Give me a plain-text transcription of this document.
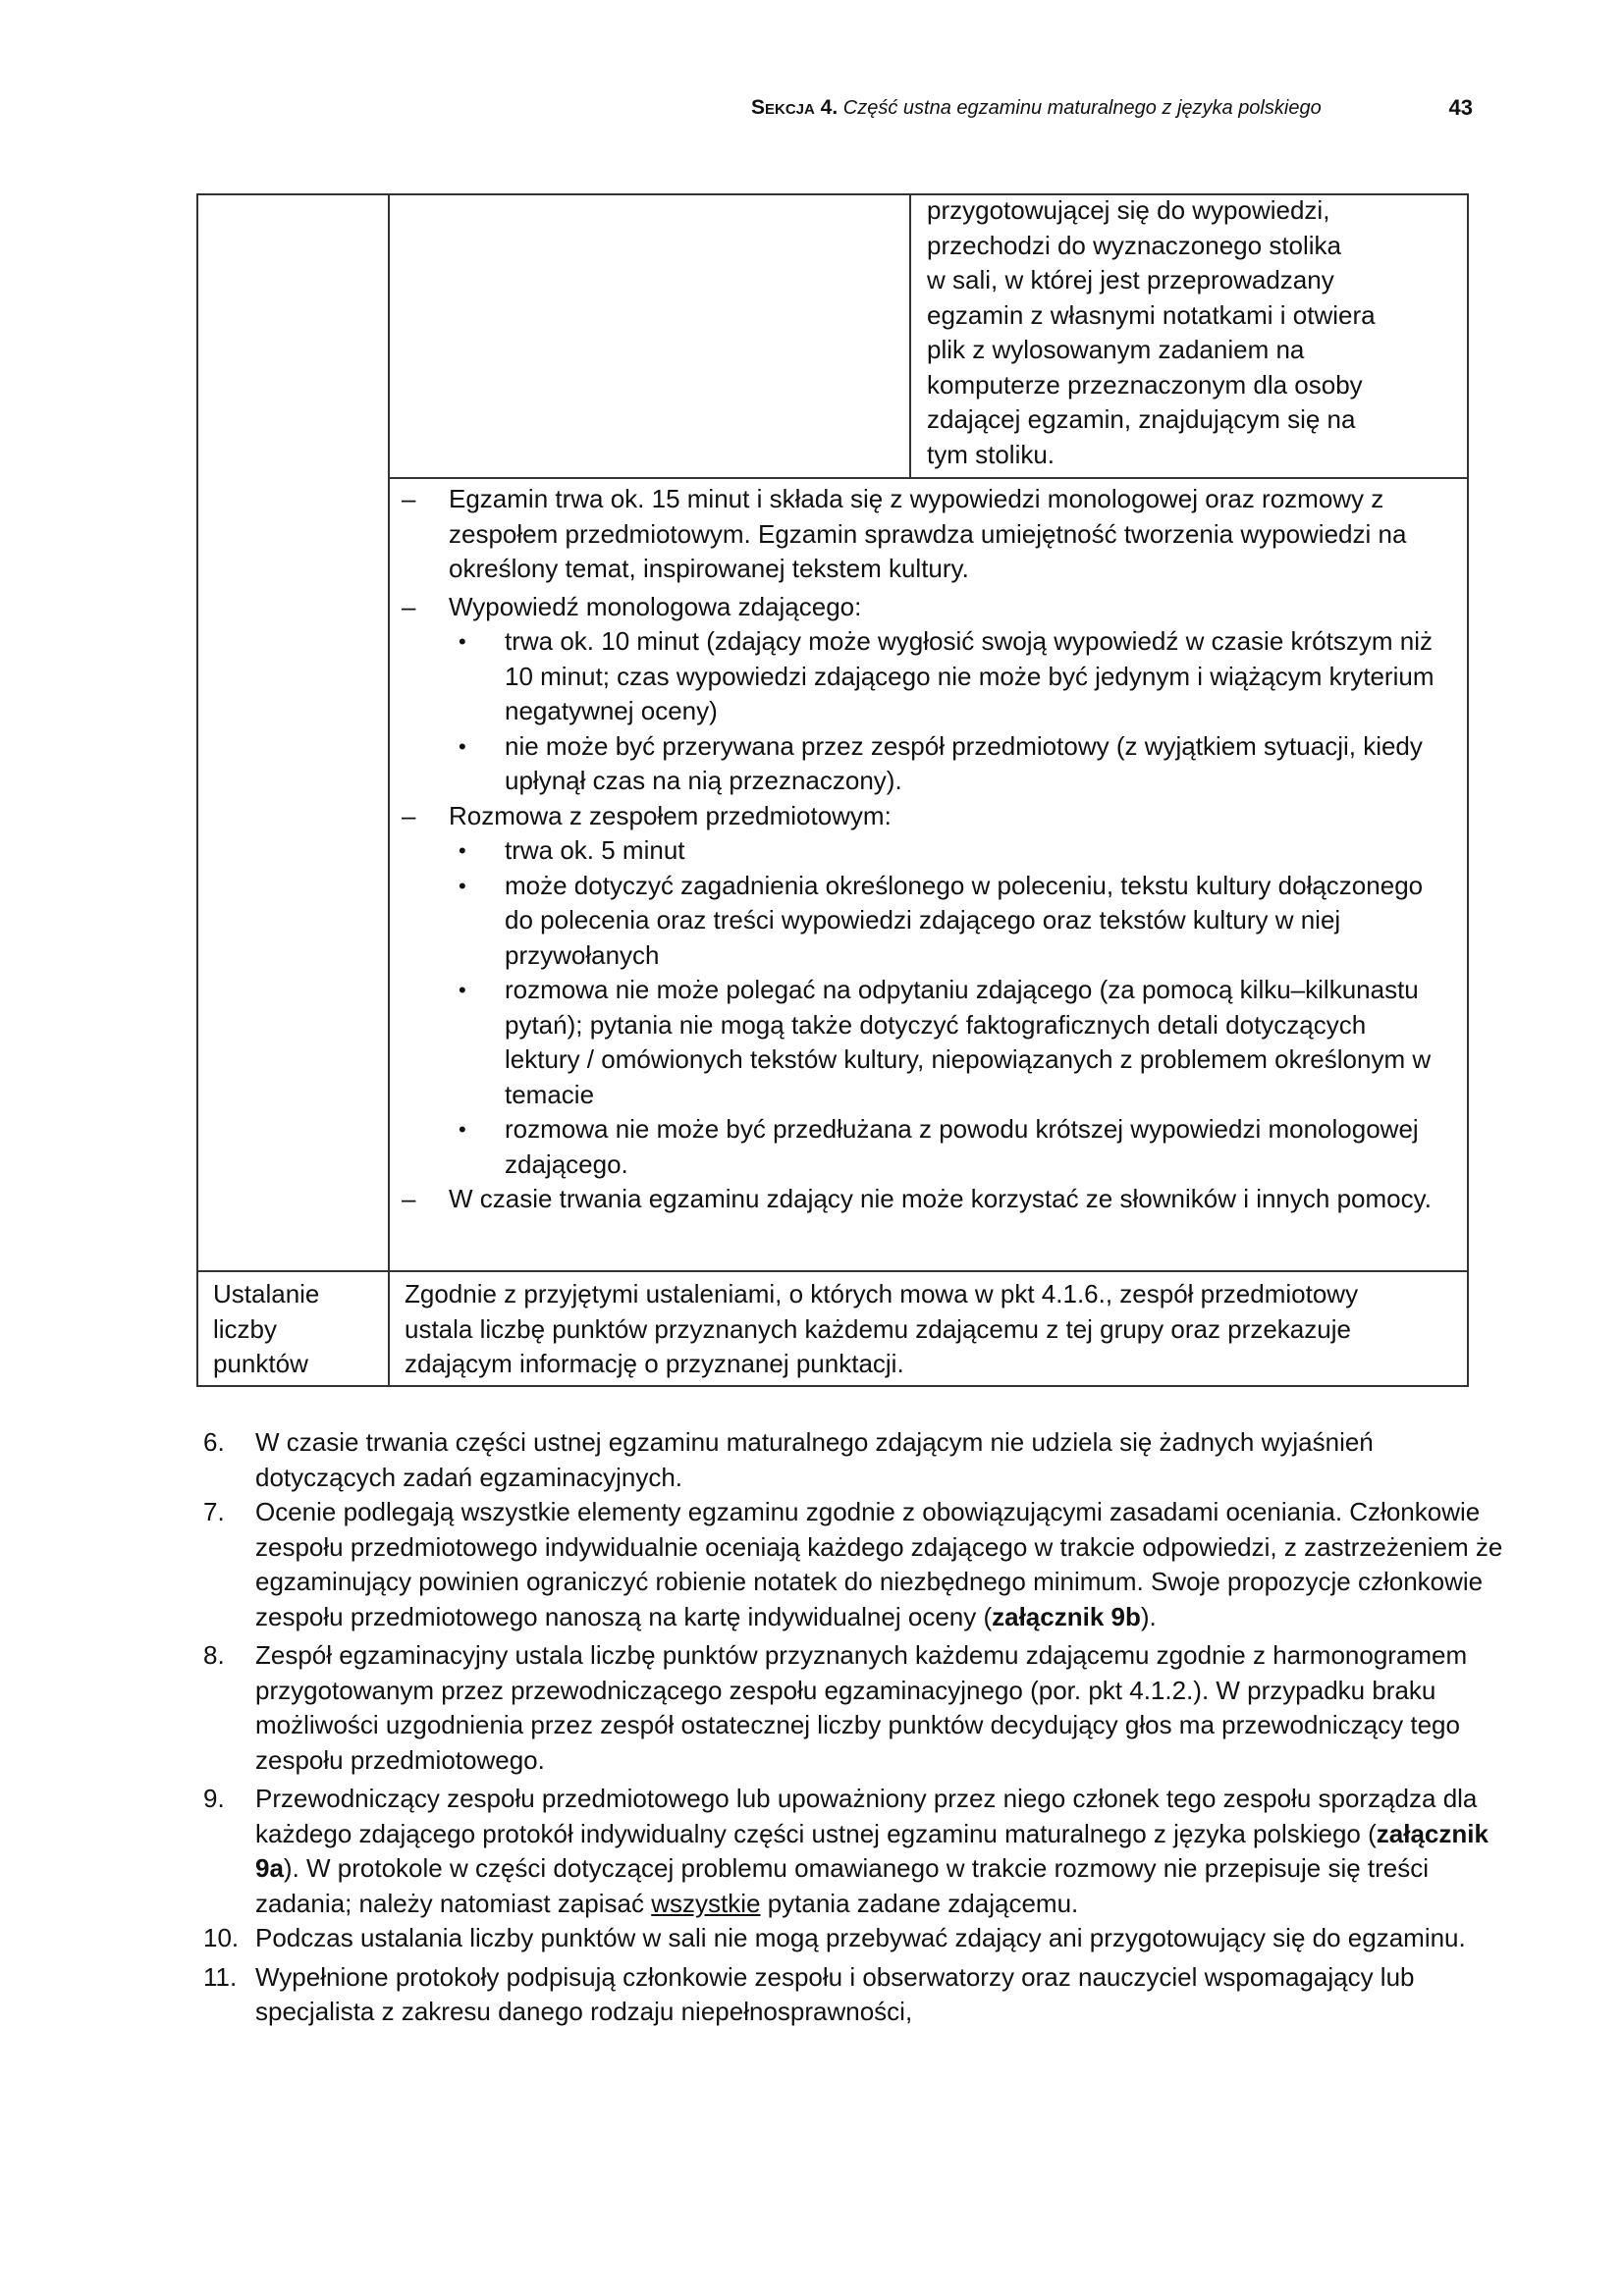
Sekcja 4. Część ustna egzaminu maturalnego z języka polskiego	43

przygotowującej się do wypowiedzi,

przechodzi do wyznaczonego stolika

w sali, w której jest przeprowadzany

egzamin z własnymi notatkami i otwiera

plik z wylosowanym zadaniem na

komputerze przeznaczonym dla osoby

zdającej egzamin, znajdującym się na

tym stoliku.

– Egzamin trwa ok. 15 minut i składa się z wypowiedzi monologowej oraz rozmowy z zespołem przedmiotowym. Egzamin sprawdza umiejętność tworzenia wypowiedzi na określony temat, inspirowanej tekstem kultury.
– Wypowiedź monologowa zdającego:
• trwa ok. 10 minut (zdający może wygłosić swoją wypowiedź w czasie krótszym niż 10 minut; czas wypowiedzi zdającego nie może być jedynym i wiążącym kryterium negatywnej oceny)
• nie może być przerywana przez zespół przedmiotowy (z wyjątkiem sytuacji, kiedy upłynął czas na nią przeznaczony).
– Rozmowa z zespołem przedmiotowym:
• trwa ok. 5 minut
• może dotyczyć zagadnienia określonego w poleceniu, tekstu kultury dołączonego do polecenia oraz treści wypowiedzi zdającego oraz tekstów kultury w niej przywołanych
• rozmowa nie może polegać na odpytaniu zdającego (za pomocą kilku–kilkunastu pytań); pytania nie mogą także dotyczyć faktograficznych detali dotyczących lektury / omówionych tekstów kultury, niepowiązanych z problemem określonym w temacie
• rozmowa nie może być przedłużana z powodu krótszej wypowiedzi monologowej zdającego.
– W czasie trwania egzaminu zdający nie może korzystać ze słowników i innych pomocy.

Ustalanie

liczby

punktów

Zgodnie z przyjętymi ustaleniami, o których mowa w pkt 4.1.6., zespół przedmiotowy ustala liczbę punktów przyznanych każdemu zdającemu z tej grupy oraz przekazuje zdającym informację o przyznanej punktacji.

6. W czasie trwania części ustnej egzaminu maturalnego zdającym nie udziela się żadnych wyjaśnień dotyczących zadań egzaminacyjnych.
7. Ocenie podlegają wszystkie elementy egzaminu zgodnie z obowiązującymi zasadami oceniania. Członkowie zespołu przedmiotowego indywidualnie oceniają każdego zdającego w trakcie odpowiedzi, z zastrzeżeniem że egzaminujący powinien ograniczyć robienie notatek do niezbędnego minimum. Swoje propozycje członkowie zespołu przedmiotowego nanoszą na kartę indywidualnej oceny (załącznik 9b).
8. Zespół egzaminacyjny ustala liczbę punktów przyznanych każdemu zdającemu zgodnie z harmonogramem przygotowanym przez przewodniczącego zespołu egzaminacyjnego (por. pkt 4.1.2.). W przypadku braku możliwości uzgodnienia przez zespół ostatecznej liczby punktów decydujący głos ma przewodniczący tego zespołu przedmiotowego.
9. Przewodniczący zespołu przedmiotowego lub upoważniony przez niego członek tego zespołu sporządza dla każdego zdającego protokół indywidualny części ustnej egzaminu maturalnego z języka polskiego (załącznik 9a). W protokole w części dotyczącej problemu omawianego w trakcie rozmowy nie przepisuje się treści zadania; należy natomiast zapisać wszystkie pytania zadane zdającemu.
10. Podczas ustalania liczby punktów w sali nie mogą przebywać zdający ani przygotowujący się do egzaminu.
11. Wypełnione protokoły podpisują członkowie zespołu i obserwatorzy oraz nauczyciel wspomagający lub specjalista z zakresu danego rodzaju niepełnosprawności,
